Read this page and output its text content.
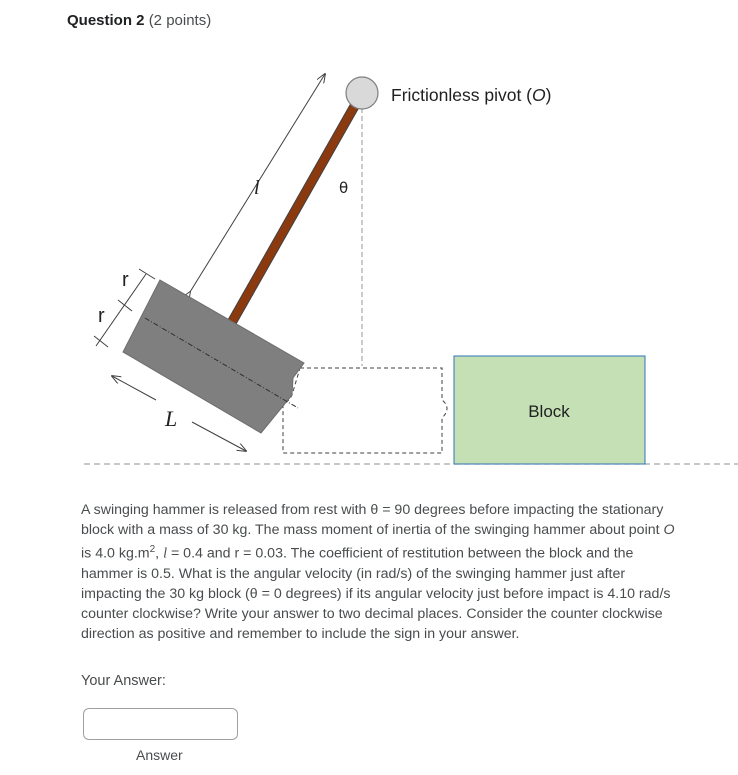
Question 2 (2 points)
Block
l
Frictionless pivot (O)
θ
r
r
L
A swinging hammer is released from rest with θ = 90 degrees before impacting the stationary block with a mass of 30 kg. The mass moment of inertia of the swinging hammer about point O is 4.0 $kg.m^2$, l = 0.4 and r = 0.03. The coefficient of restitution between the block and the hammer is 0.5. What is the angular velocity (in rad/s) of the swinging hammer just after impacting the 30 kg block (θ = 0 degrees) if its angular velocity just before impact is 4.10 rad/s counter clockwise? Write your answer to two decimal places. Consider the counter clockwise direction as positive and remember to include the sign in your answer.
Your Answer:
Answer
